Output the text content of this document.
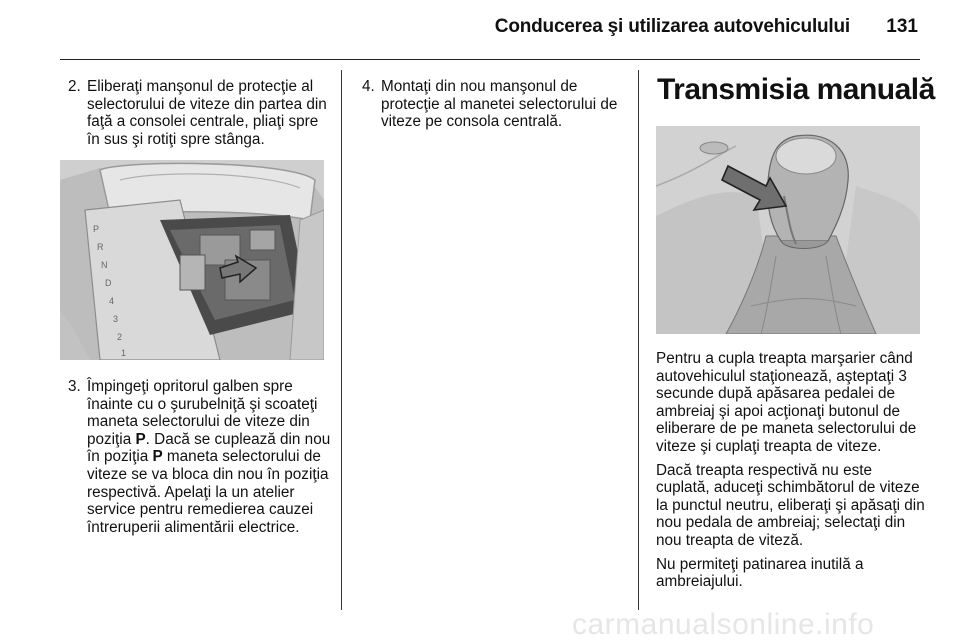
Conducerea şi utilizarea autovehiculului 131
2. Eliberaţi manşonul de protecţie al selectorului de viteze din partea din faţă a consolei centrale, pliaţi spre în sus şi rotiţi spre stânga.
P
R
N
D
4
3
2
1
3. Împingeţi opritorul galben spre înainte cu o şurubelniţă şi scoateţi maneta selectorului de viteze din poziţia P. Dacă se cuplează din nou în poziţia P maneta selectorului de viteze se va bloca din nou în poziţia respectivă. Apelaţi la un atelier service pentru remedierea cauzei întreruperii alimentării electrice.
4. Montaţi din nou manşonul de protecţie al manetei selectorului de viteze pe consola centrală.
Transmisia manuală

Pentru a cupla treapta marşarier când autovehiculul staţionează, aşteptaţi 3 secunde după apăsarea pedalei de ambreiaj şi apoi acţionaţi butonul de eliberare de pe maneta selectorului de viteze şi cuplaţi treapta de viteze.

Dacă treapta respectivă nu este cuplată, aduceţi schimbătorul de viteze la punctul neutru, eliberaţi şi apăsaţi din nou pedala de ambreiaj; selectaţi din nou treapta de viteză.

Nu permiteţi patinarea inutilă a ambreiajului.

carmanualsonline.info
